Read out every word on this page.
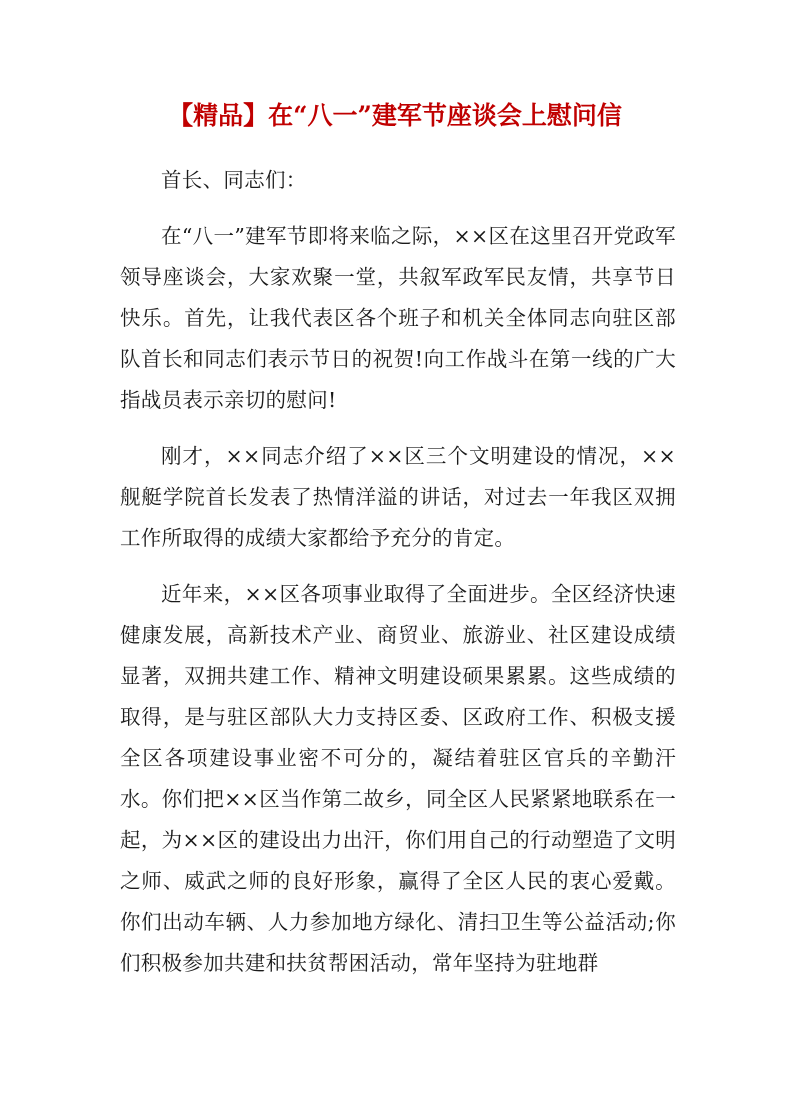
【精品】在“八一”建军节座谈会上慰问信

首长、同志们：

在“八一”建军节即将来临之际，××区在这里召开党政军领导座谈会，大家欢聚一堂，共叙军政军民友情，共享节日快乐。首先，让我代表区各个班子和机关全体同志向驻区部队首长和同志们表示节日的祝贺!向工作战斗在第一线的广大指战员表示亲切的慰问!

刚才，××同志介绍了××区三个文明建设的情况，××舰艇学院首长发表了热情洋溢的讲话，对过去一年我区双拥工作所取得的成绩大家都给予充分的肯定。

近年来，××区各项事业取得了全面进步。全区经济快速健康发展，高新技术产业、商贸业、旅游业、社区建设成绩显著，双拥共建工作、精神文明建设硕果累累。这些成绩的取得，是与驻区部队大力支持区委、区政府工作、积极支援全区各项建设事业密不可分的，凝结着驻区官兵的辛勤汗水。你们把××区当作第二故乡，同全区人民紧紧地联系在一起，为××区的建设出力出汗，你们用自己的行动塑造了文明之师、威武之师的良好形象，赢得了全区人民的衷心爱戴。你们出动车辆、人力参加地方绿化、清扫卫生等公益活动;你们积极参加共建和扶贫帮困活动，常年坚持为驻地群
